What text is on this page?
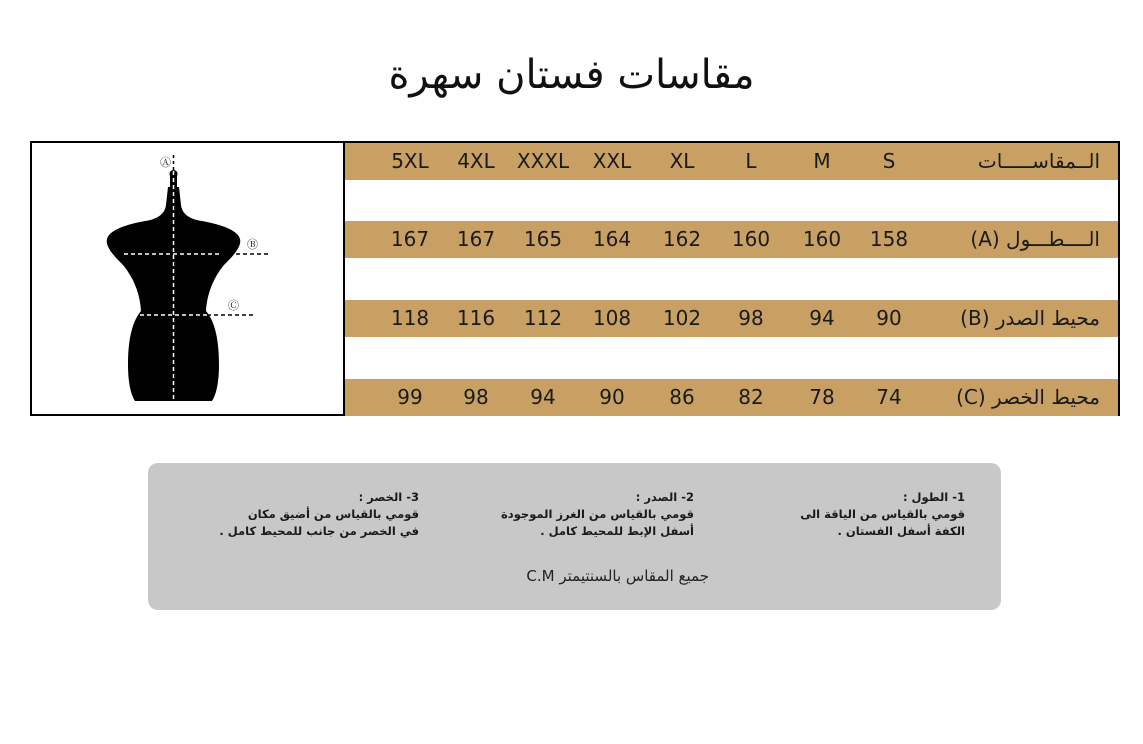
مقاسات فستان سهرة
Ⓐ
Ⓑ
Ⓒ
الــمقاســـــات
S
M
L
XL
XXL
XXXL
4XL
5XL
الــــطـــول (A)
158
160
160
162
164
165
167
167
محيط الصدر (B)
90
94
98
102
108
112
116
118
محيط الخصر (C)
74
78
82
86
90
94
98
99

1- الطول :

قومي بالقياس من الياقة الى

الكفة أسفل الفستان .

2- الصدر :

قومي بالقياس من الغرز الموجودة

أسفل الإبط للمحيط كامل .

3- الخصر :

قومي بالقياس من أضيق مكان

في الخصر من جانب للمحيط كامل .

جميع المقاس بالسنتيمتر C.M
